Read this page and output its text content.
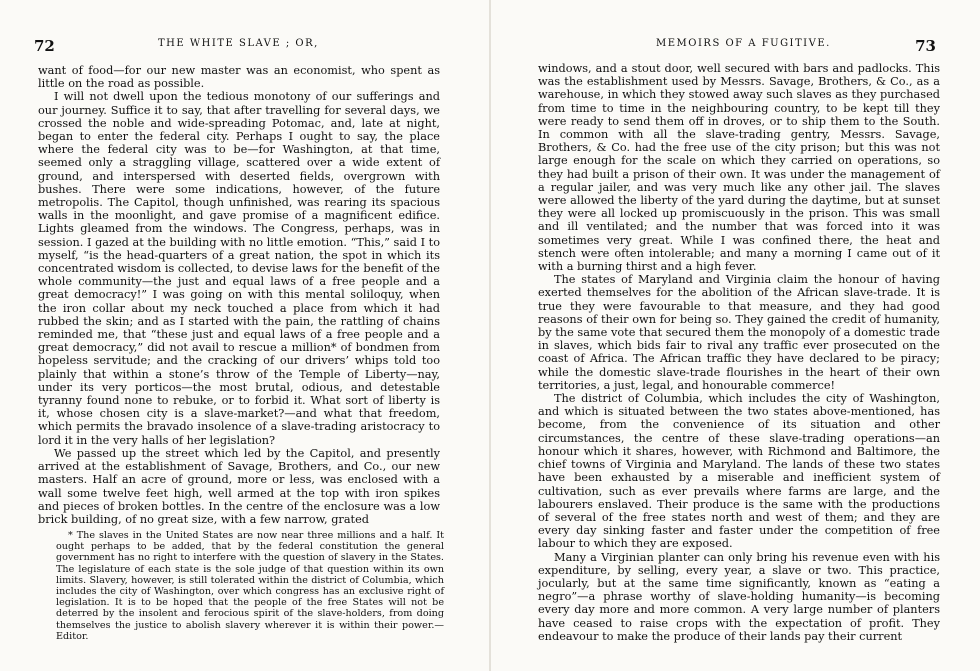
72	THE WHITE SLAVE ; OR,

want of food—for our new master was an economist, who spent as little on the road as possible.

I will not dwell upon the tedious monotony of our sufferings and our journey. Suffice it to say, that after travelling for several days, we crossed the noble and wide-spreading Potomac, and, late at night, began to enter the federal city. Perhaps I ought to say, the place where the federal city was to be—for Washington, at that time, seemed only a straggling village, scattered over a wide extent of ground, and interspersed with deserted fields, overgrown with bushes. There were some indications, however, of the future metropolis. The Capitol, though unfinished, was rearing its spacious walls in the moonlight, and gave promise of a magnificent edifice. Lights gleamed from the windows. The Congress, perhaps, was in session. I gazed at the building with no little emotion. “This,” said I to myself, “is the head-quarters of a great nation, the spot in which its concentrated wisdom is collected, to devise laws for the benefit of the whole community—the just and equal laws of a free people and a great democracy!” I was going on with this mental soliloquy, when the iron collar about my neck touched a place from which it had rubbed the skin; and as I started with the pain, the rattling of chains reminded me, that “these just and equal laws of a free people and a great democracy,” did not avail to rescue a million* of bondmen from hopeless servitude; and the cracking of our drivers’ whips told too plainly that within a stone’s throw of the Temple of Liberty—nay, under its very porticos—the most brutal, odious, and detestable tyranny found none to rebuke, or to forbid it. What sort of liberty is it, whose chosen city is a slave-market?—and what that freedom, which permits the bravado insolence of a slave-trading aristocracy to lord it in the very halls of her legislation?

We passed up the street which led by the Capitol, and presently arrived at the establishment of Savage, Brothers, and Co., our new masters. Half an acre of ground, more or less, was enclosed with a wall some twelve feet high, well armed at the top with iron spikes and pieces of broken bottles. In the centre of the enclosure was a low brick building, of no great size, with a few narrow, grated

* The slaves in the United States are now near three millions and a half. It ought perhaps to be added, that by the federal constitution the general government has no right to interfere with the question of slavery in the States. The legislature of each state is the sole judge of that question within its own limits. Slavery, however, is still tolerated within the district of Columbia, which includes the city of Washington, over which congress has an exclusive right of legislation. It is to be hoped that the people of the free States will not be deterred by the insolent and ferocious spirit of the slave-holders, from doing themselves the justice to abolish slavery wherever it is within their power.—Editor.

MEMOIRS OF A FUGITIVE.	73

windows, and a stout door, well secured with bars and padlocks. This was the establishment used by Messrs. Savage, Brothers, & Co., as a warehouse, in which they stowed away such slaves as they purchased from time to time in the neighbouring country, to be kept till they were ready to send them off in droves, or to ship them to the South. In common with all the slave-trading gentry, Messrs. Savage, Brothers, & Co. had the free use of the city prison; but this was not large enough for the scale on which they carried on operations, so they had built a prison of their own. It was under the management of a regular jailer, and was very much like any other jail. The slaves were allowed the liberty of the yard during the daytime, but at sunset they were all locked up promiscuously in the prison. This was small and ill ventilated; and the number that was forced into it was sometimes very great. While I was confined there, the heat and stench were often intolerable; and many a morning I came out of it with a burning thirst and a high fever.

The states of Maryland and Virginia claim the honour of having exerted themselves for the abolition of the African slave-trade. It is true they were favourable to that measure, and they had good reasons of their own for being so. They gained the credit of humanity, by the same vote that secured them the monopoly of a domestic trade in slaves, which bids fair to rival any traffic ever prosecuted on the coast of Africa. The African traffic they have declared to be piracy; while the domestic slave-trade flourishes in the heart of their own territories, a just, legal, and honourable commerce!

The district of Columbia, which includes the city of Washington, and which is situated between the two states above-mentioned, has become, from the convenience of its situation and other circumstances, the centre of these slave-trading operations—an honour which it shares, however, with Richmond and Baltimore, the chief towns of Virginia and Maryland. The lands of these two states have been exhausted by a miserable and inefficient system of cultivation, such as ever prevails where farms are large, and the labourers enslaved. Their produce is the same with the productions of several of the free states north and west of them; and they are every day sinking faster and faster under the competition of free labour to which they are exposed.

Many a Virginian planter can only bring his revenue even with his expenditure, by selling, every year, a slave or two. This practice, jocularly, but at the same time significantly, known as “eating a negro”—a phrase worthy of slave-holding humanity—is becoming every day more and more common. A very large number of planters have ceased to raise crops with the expectation of profit. They endeavour to make the produce of their lands pay their current
